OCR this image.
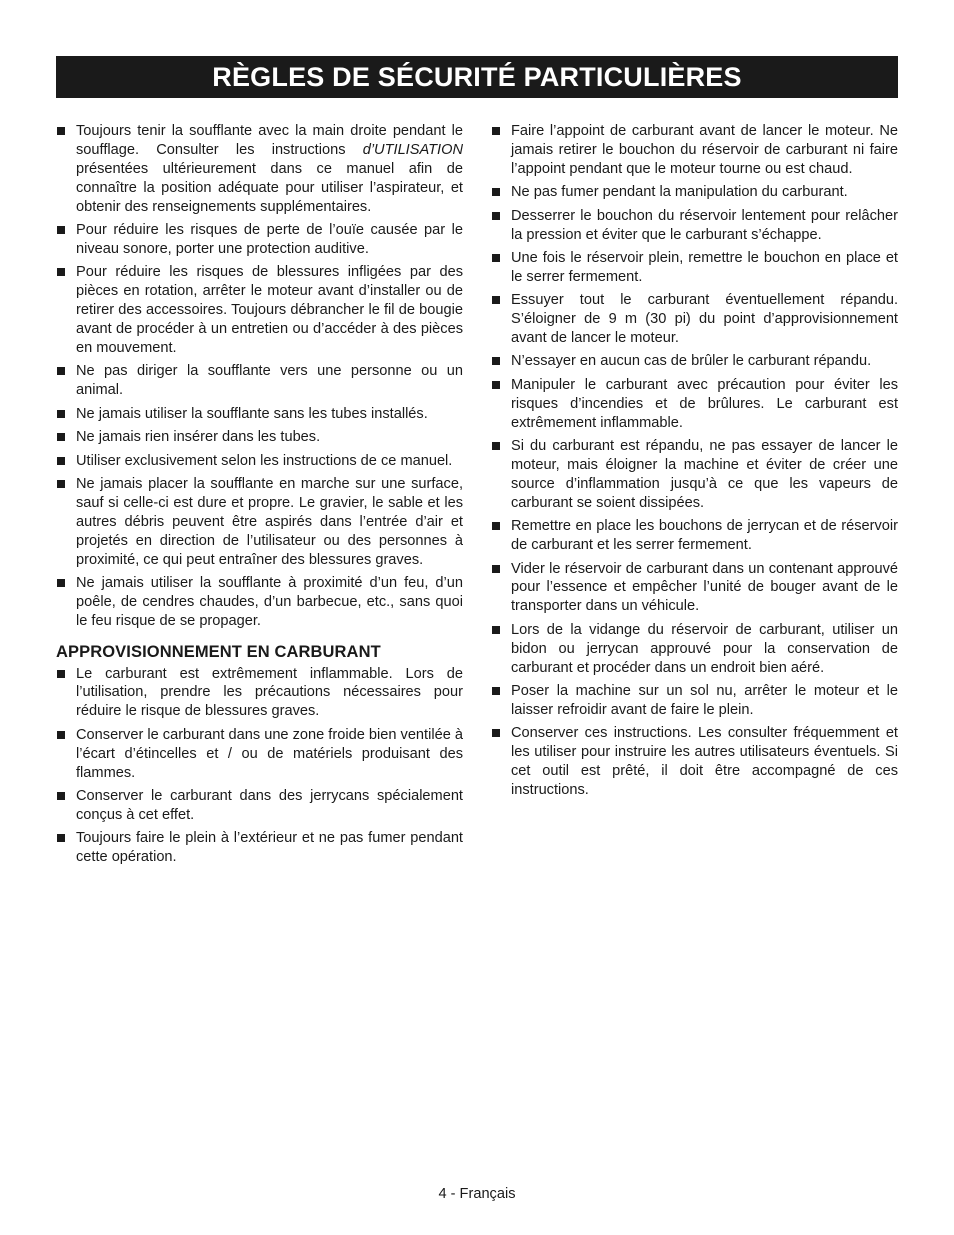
RÈGLES DE SÉCURITÉ PARTICULIÈRES
Toujours tenir la soufflante avec la main droite pendant le soufflage. Consulter les instructions d’UTILISATION présentées ultérieurement dans ce manuel afin de connaître la position adéquate pour utiliser l’aspirateur, et obtenir des renseignements supplémentaires.
Pour réduire les risques de perte de l’ouïe causée par le niveau sonore, porter une protection auditive.
Pour réduire les risques de blessures infligées par des pièces en rotation, arrêter le moteur avant d’installer ou de retirer des accessoires. Toujours débrancher le fil de bougie avant de procéder à un entretien ou d’accéder à des pièces en mouvement.
Ne pas diriger la soufflante vers une personne ou un animal.
Ne jamais utiliser la soufflante sans les tubes installés.
Ne jamais rien insérer dans les tubes.
Utiliser exclusivement selon les instructions de ce manuel.
Ne jamais placer la soufflante en marche sur une surface, sauf si celle-ci est dure et propre. Le gravier, le sable et les autres débris peuvent être aspirés dans l’entrée d’air et projetés en direction de l’utilisateur ou des personnes à proximité, ce qui peut entraîner des blessures graves.
Ne jamais utiliser la soufflante à proximité d’un feu, d’un poêle, de cendres chaudes, d’un barbecue, etc., sans quoi le feu risque de se propager.
APPROVISIONNEMENT EN CARBURANT
Le carburant est extrêmement inflammable. Lors de l’utilisation, prendre les précautions nécessaires pour réduire le risque de blessures graves.
Conserver le carburant dans une zone froide bien ventilée à l’écart d’étincelles et / ou de matériels produisant des flammes.
Conserver le carburant dans des jerrycans spécialement conçus à cet effet.
Toujours faire le plein à l’extérieur et ne pas fumer pendant cette opération.
Faire l’appoint de carburant avant de lancer le moteur. Ne jamais retirer le bouchon du réservoir de carburant ni faire l’appoint pendant que le moteur tourne ou est chaud.
Ne pas fumer pendant la manipulation du carburant.
Desserrer le bouchon du réservoir lentement pour relâcher la pression et éviter que le carburant s’échappe.
Une fois le réservoir plein, remettre le bouchon en place et le serrer fermement.
Essuyer tout le carburant éventuellement répandu. S’éloigner de 9 m (30 pi) du point d’approvisionnement avant de lancer le moteur.
N’essayer en aucun cas de brûler le carburant répandu.
Manipuler le carburant avec précaution pour éviter les risques d’incendies et de brûlures. Le carburant est extrêmement inflammable.
Si du carburant est répandu, ne pas essayer de lancer le moteur, mais éloigner la machine et éviter de créer une source d’inflammation jusqu’à ce que les vapeurs de carburant se soient dissipées.
Remettre en place les bouchons de jerrycan et de réservoir de carburant et les serrer fermement.
Vider le réservoir de carburant dans un contenant approuvé pour l’essence et empêcher l’unité de bouger avant de le transporter dans un véhicule.
Lors de la vidange du réservoir de carburant, utiliser un bidon ou jerrycan approuvé pour la conservation de carburant et procéder dans un endroit bien aéré.
Poser la machine sur un sol nu, arrêter le moteur et le laisser refroidir avant de faire le plein.
Conserver ces instructions. Les consulter fréquemment et les utiliser pour instruire les autres utilisateurs éventuels. Si cet outil est prêté, il doit être accompagné de ces instructions.
4 - Français
